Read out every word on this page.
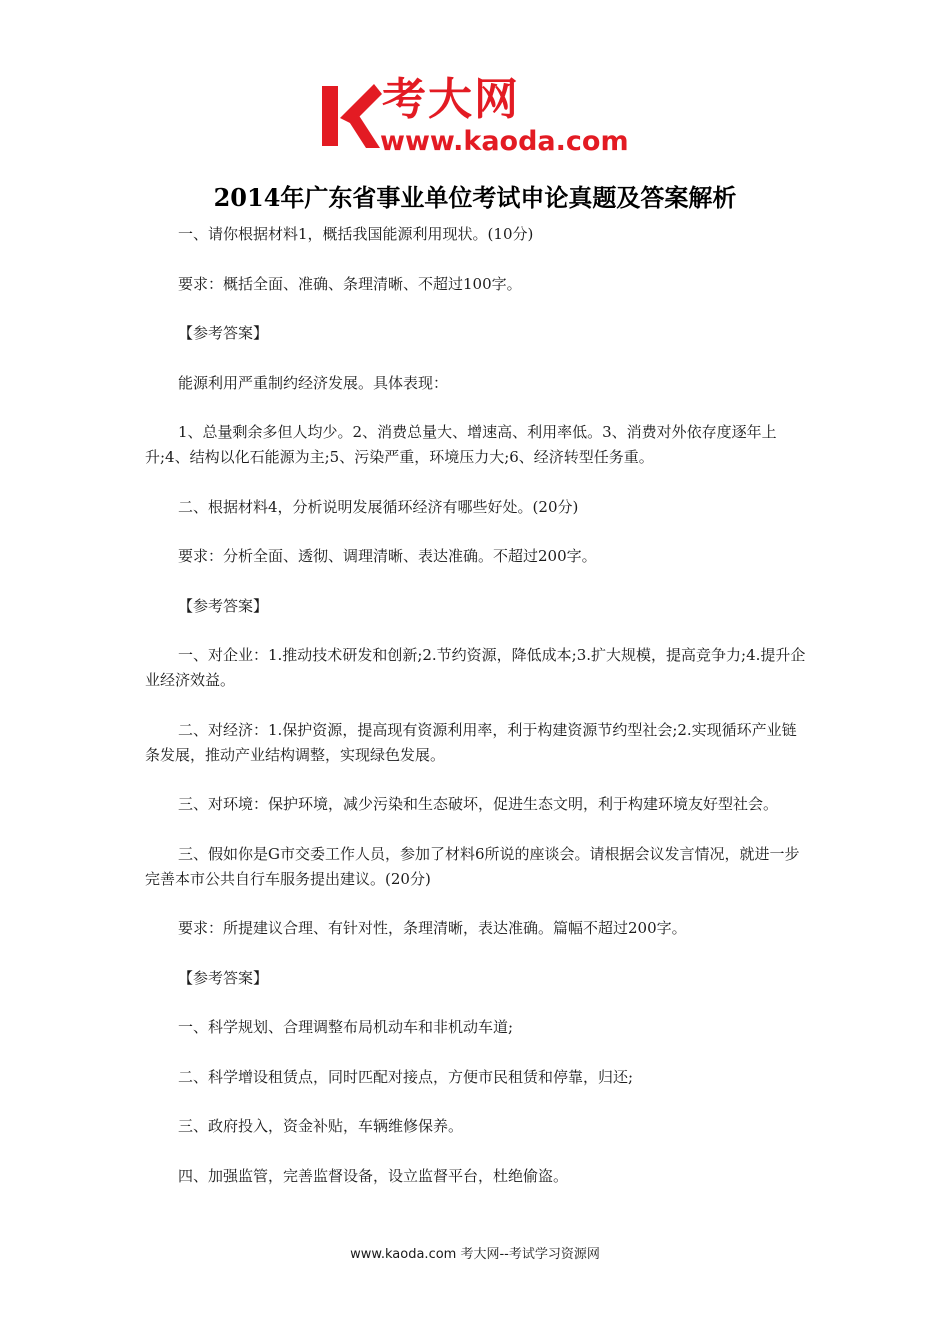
考大网
www.kaoda.com
2014年广东省事业单位考试申论真题及答案解析

一、请你根据材料1，概括我国能源利用现状。(10分)

要求：概括全面、准确、条理清晰、不超过100字。

【参考答案】

能源利用严重制约经济发展。具体表现：

1、总量剩余多但人均少。2、消费总量大、增速高、利用率低。3、消费对外依存度逐年上升;4、结构以化石能源为主;5、污染严重，环境压力大;6、经济转型任务重。

二、根据材料4，分析说明发展循环经济有哪些好处。(20分)

要求：分析全面、透彻、调理清晰、表达准确。不超过200字。

【参考答案】

一、对企业：1.推动技术研发和创新;2.节约资源，降低成本;3.扩大规模，提高竞争力;4.提升企业经济效益。

二、对经济：1.保护资源，提高现有资源利用率，利于构建资源节约型社会;2.实现循环产业链条发展，推动产业结构调整，实现绿色发展。

三、对环境：保护环境，减少污染和生态破坏，促进生态文明，利于构建环境友好型社会。

三、假如你是G市交委工作人员，参加了材料6所说的座谈会。请根据会议发言情况，就进一步完善本市公共自行车服务提出建议。(20分)

要求：所提建议合理、有针对性，条理清晰，表达准确。篇幅不超过200字。

【参考答案】

一、科学规划、合理调整布局机动车和非机动车道;

二、科学增设租赁点，同时匹配对接点，方便市民租赁和停靠，归还;

三、政府投入，资金补贴，车辆维修保养。

四、加强监管，完善监督设备，设立监督平台，杜绝偷盗。

www.kaoda.com 考大网--考试学习资源网
